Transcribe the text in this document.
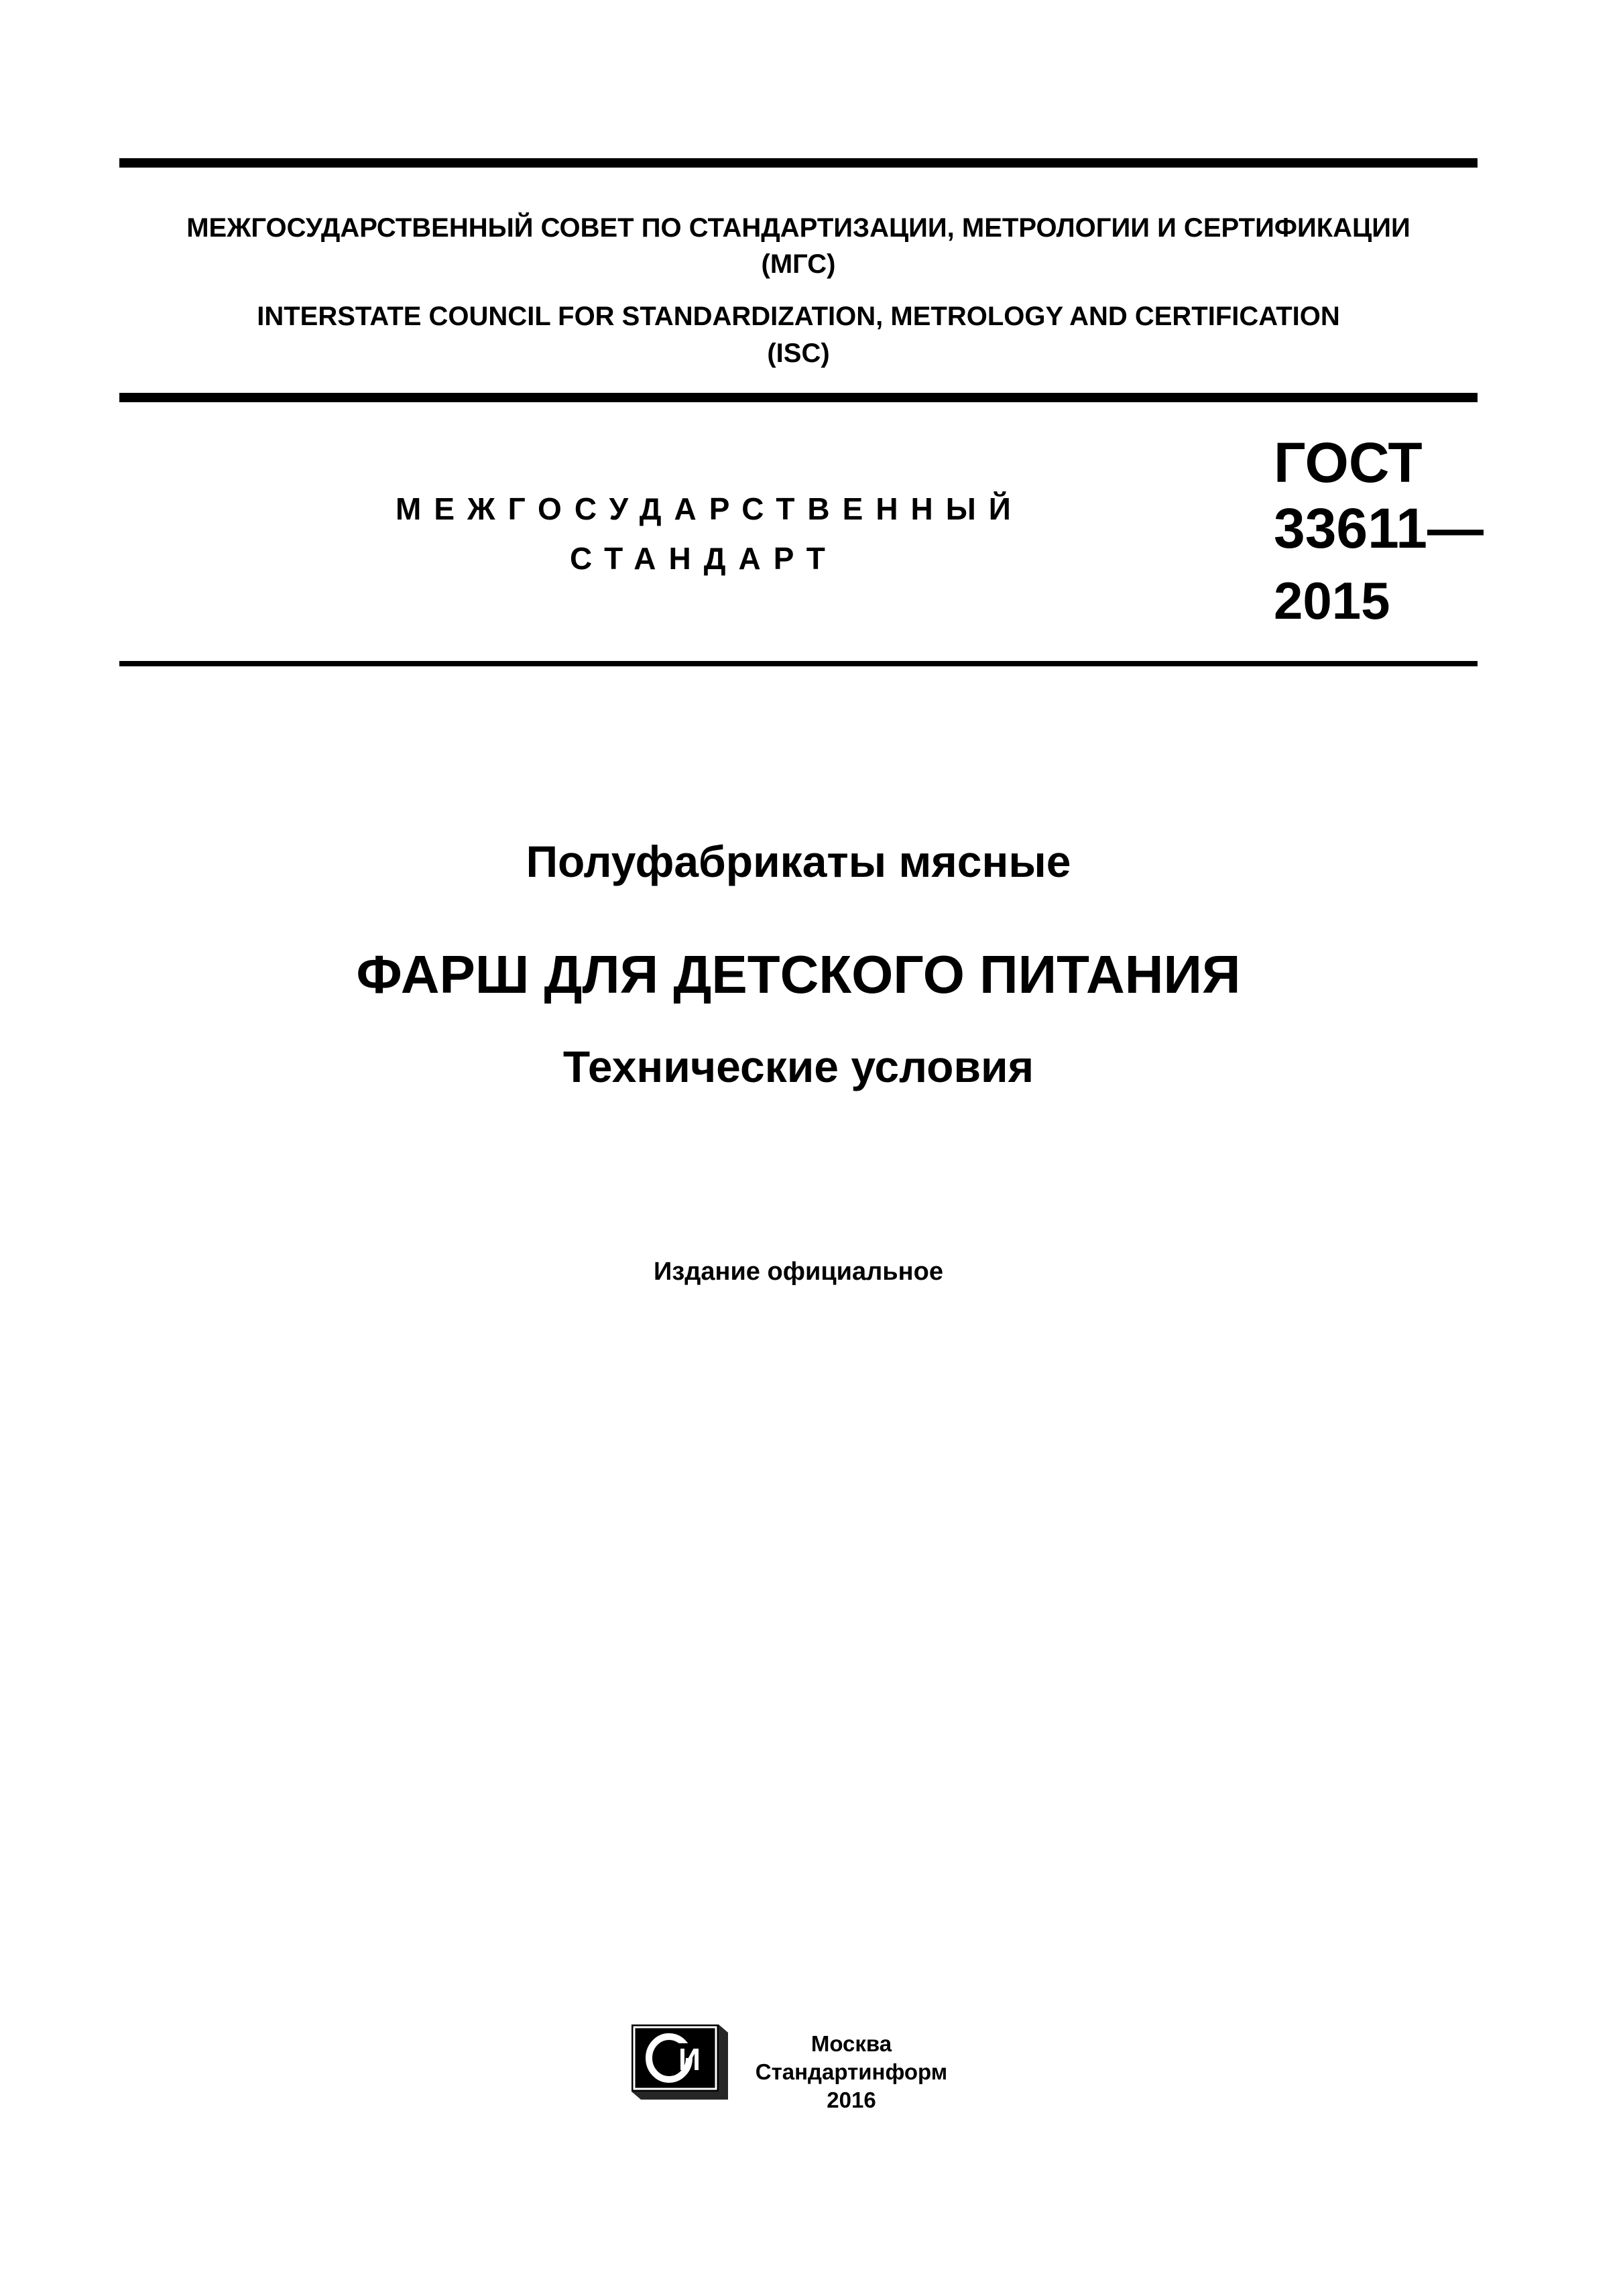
МЕЖГОСУДАРСТВЕННЫЙ СОВЕТ ПО СТАНДАРТИЗАЦИИ, МЕТРОЛОГИИ И СЕРТИФИКАЦИИ
(МГС)
INTERSTATE COUNCIL FOR STANDARDIZATION, METROLOGY AND CERTIFICATION
(ISC)
МЕЖГОСУДАРСТВЕННЫЙ
СТАНДАРТ
ГОСТ
33611—
2015
Полуфабрикаты мясные
ФАРШ ДЛЯ ДЕТСКОГО ПИТАНИЯ
Технические условия
Издание официальное
И	Москва
Стандартинформ
2016
